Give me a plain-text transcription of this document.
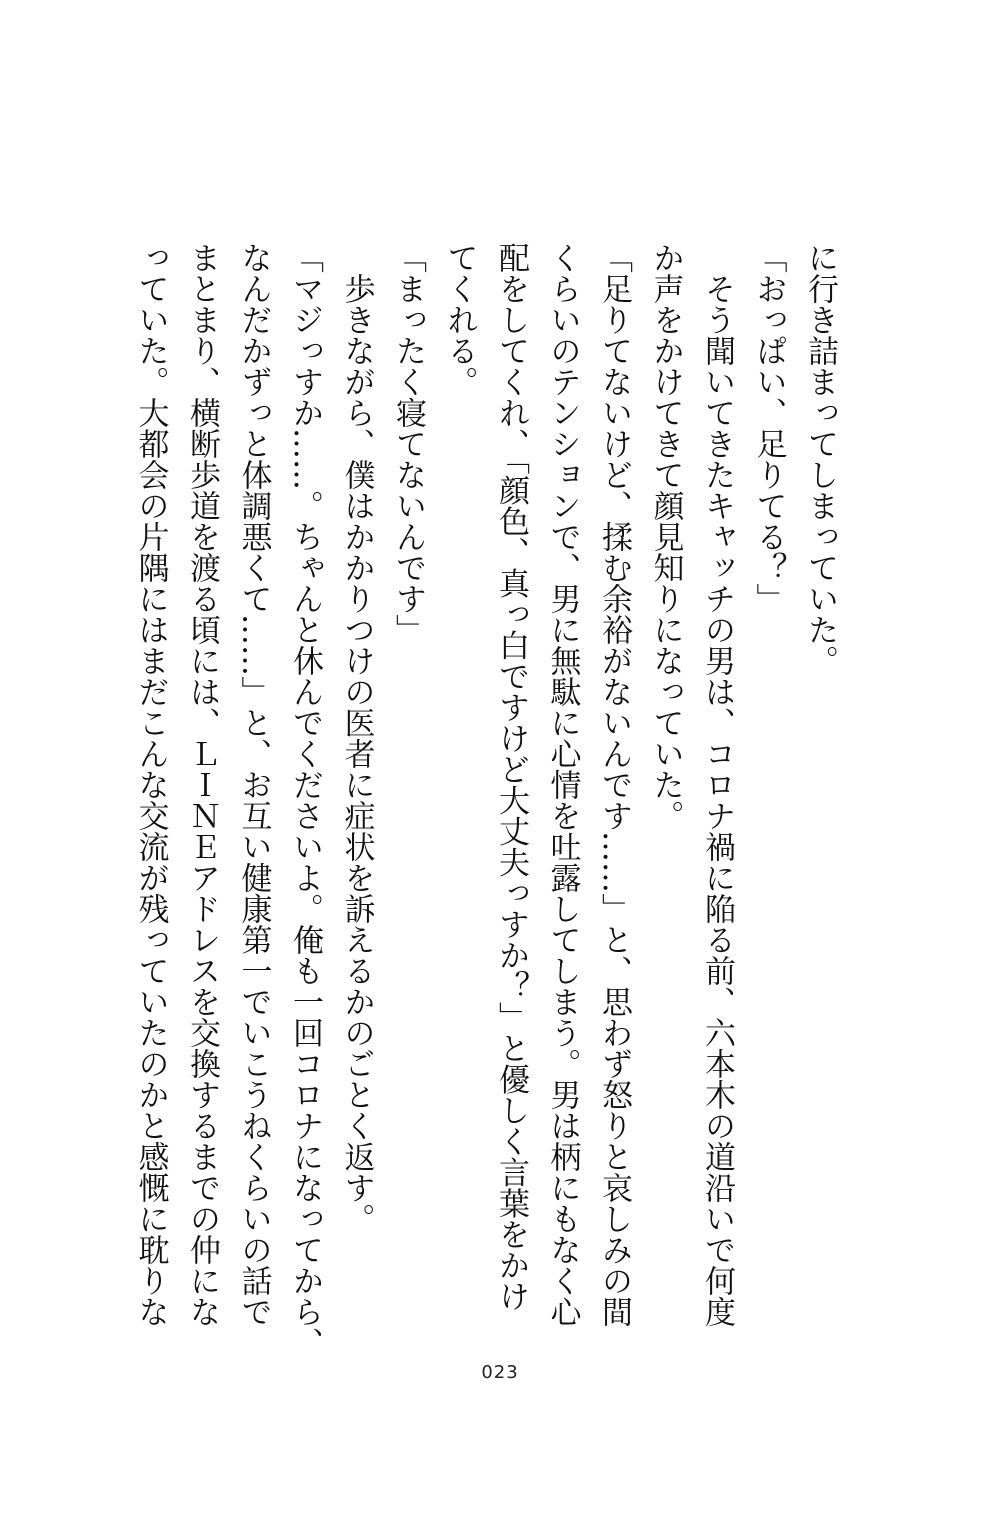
に行き詰まってしまっていた。

「おっぱい、足りてる？」

　そう聞いてきたキャッチの男は、コロナ禍に陥る前、六本木の道沿いで何度

か声をかけてきて顔見知りになっていた。

「足りてないけど、揉む余裕がないんです……」と、思わず怒りと哀しみの間

くらいのテンションで、男に無駄に心情を吐露してしまう。男は柄にもなく心

配をしてくれ、「顔色、真っ白ですけど大丈夫っすか？」と優しく言葉をかけ

てくれる。

「まったく寝てないんです」

　歩きながら、僕はかかりつけの医者に症状を訴えるかのごとく返す。

「マジっすか……。ちゃんと休んでくださいよ。俺も一回コロナになってから、

なんだかずっと体調悪くて……」と、お互い健康第一でいこうねくらいの話で

まとまり、横断歩道を渡る頃には、ＬＩＮＥアドレスを交換するまでの仲にな

っていた。大都会の片隅にはまだこんな交流が残っていたのかと感慨に耽りな

023
